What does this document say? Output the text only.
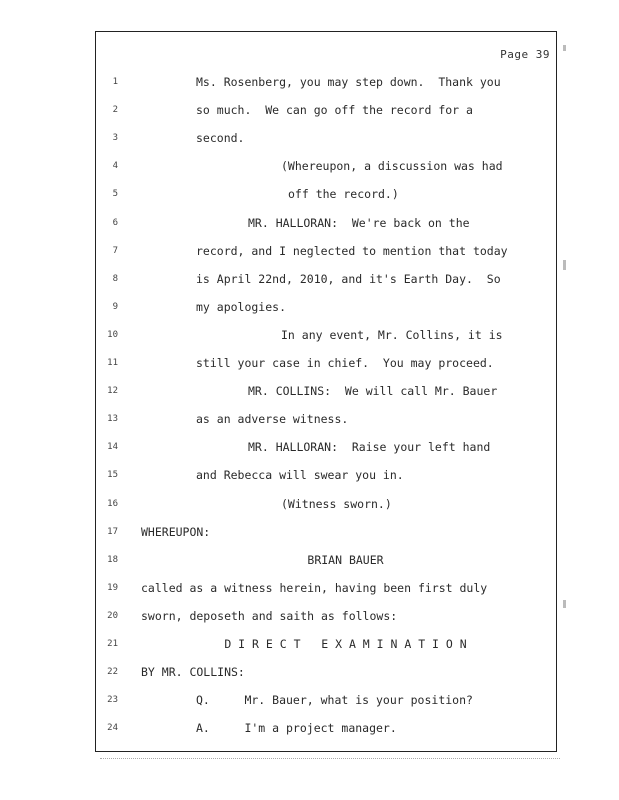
Page 39
1	Ms. Rosenberg, you may step down.  Thank you
2	so much.  We can go off the record for a
3	second.
4	(Whereupon, a discussion was had
5	off the record.)
6	MR. HALLORAN:  We're back on the
7	record, and I neglected to mention that today
8	is April 22nd, 2010, and it's Earth Day.  So
9	my apologies.
10	In any event, Mr. Collins, it is
11	still your case in chief.  You may proceed.
12	MR. COLLINS:  We will call Mr. Bauer
13	as an adverse witness.
14	MR. HALLORAN:  Raise your left hand
15	and Rebecca will swear you in.
16	(Witness sworn.)
17 WHEREUPON:
18	BRIAN BAUER
19 called as a witness herein, having been first duly
20 sworn, deposeth and saith as follows:
21	D I R E C T   E X A M I N A T I O N
22 BY MR. COLLINS:
23	Q.     Mr. Bauer, what is your position?
24	A.     I'm a project manager.
